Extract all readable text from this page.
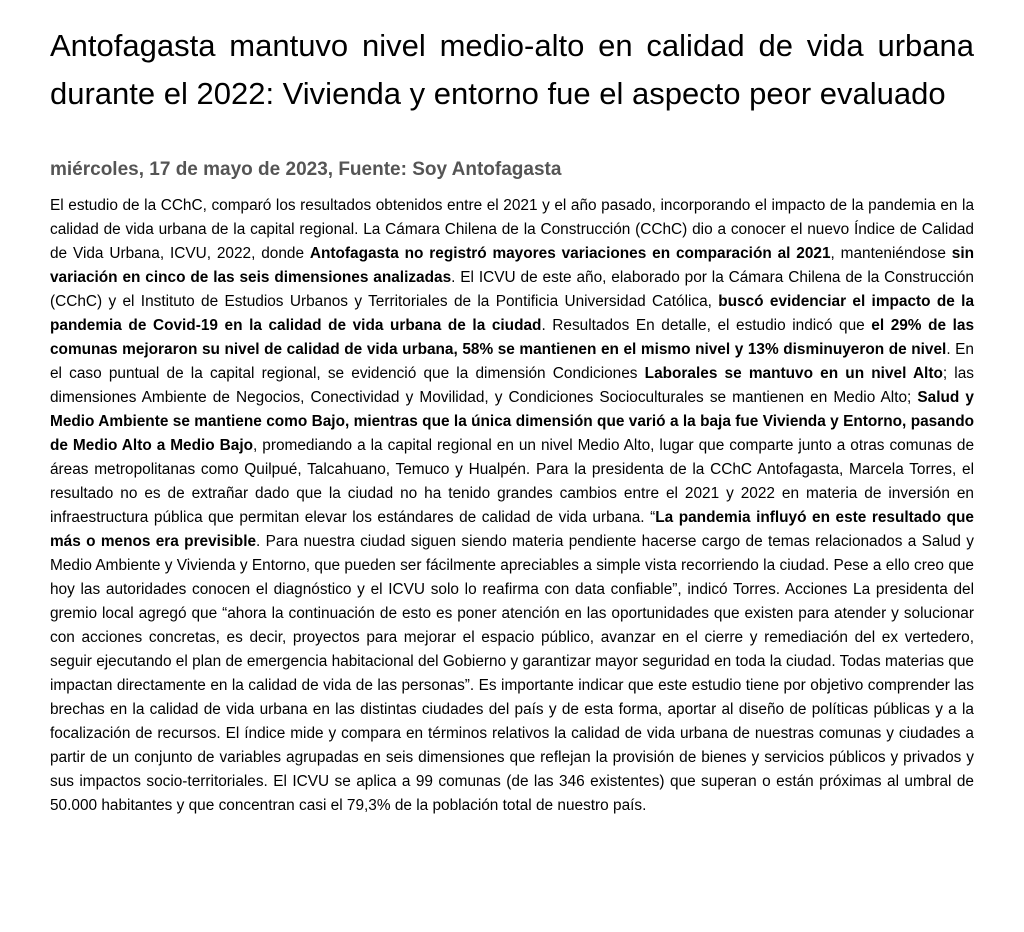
Antofagasta mantuvo nivel medio-alto en calidad de vida urbana durante el 2022: Vivienda y entorno fue el aspecto peor evaluado
miércoles, 17 de mayo de 2023, Fuente: Soy Antofagasta

El estudio de la CChC, comparó los resultados obtenidos entre el 2021 y el año pasado, incorporando el impacto de la pandemia en la calidad de vida urbana de la capital regional. La Cámara Chilena de la Construcción (CChC) dio a conocer el nuevo Índice de Calidad de Vida Urbana, ICVU, 2022, donde Antofagasta no registró mayores variaciones en comparación al 2021, manteniéndose sin variación en cinco de las seis dimensiones analizadas. El ICVU de este año, elaborado por la Cámara Chilena de la Construcción (CChC) y el Instituto de Estudios Urbanos y Territoriales de la Pontificia Universidad Católica, buscó evidenciar el impacto de la pandemia de Covid-19 en la calidad de vida urbana de la ciudad. Resultados En detalle, el estudio indicó que el 29% de las comunas mejoraron su nivel de calidad de vida urbana, 58% se mantienen en el mismo nivel y 13% disminuyeron de nivel. En el caso puntual de la capital regional, se evidenció que la dimensión Condiciones Laborales se mantuvo en un nivel Alto; las dimensiones Ambiente de Negocios, Conectividad y Movilidad, y Condiciones Socioculturales se mantienen en Medio Alto; Salud y Medio Ambiente se mantiene como Bajo, mientras que la única dimensión que varió a la baja fue Vivienda y Entorno, pasando de Medio Alto a Medio Bajo, promediando a la capital regional en un nivel Medio Alto, lugar que comparte junto a otras comunas de áreas metropolitanas como Quilpué, Talcahuano, Temuco y Hualpén. Para la presidenta de la CChC Antofagasta, Marcela Torres, el resultado no es de extrañar dado que la ciudad no ha tenido grandes cambios entre el 2021 y 2022 en materia de inversión en infraestructura pública que permitan elevar los estándares de calidad de vida urbana. “La pandemia influyó en este resultado que más o menos era previsible. Para nuestra ciudad siguen siendo materia pendiente hacerse cargo de temas relacionados a Salud y Medio Ambiente y Vivienda y Entorno, que pueden ser fácilmente apreciables a simple vista recorriendo la ciudad. Pese a ello creo que hoy las autoridades conocen el diagnóstico y el ICVU solo lo reafirma con data confiable”, indicó Torres. Acciones La presidenta del gremio local agregó que “ahora la continuación de esto es poner atención en las oportunidades que existen para atender y solucionar con acciones concretas, es decir, proyectos para mejorar el espacio público, avanzar en el cierre y remediación del ex vertedero, seguir ejecutando el plan de emergencia habitacional del Gobierno y garantizar mayor seguridad en toda la ciudad. Todas materias que impactan directamente en la calidad de vida de las personas”. Es importante indicar que este estudio tiene por objetivo comprender las brechas en la calidad de vida urbana en las distintas ciudades del país y de esta forma, aportar al diseño de políticas públicas y a la focalización de recursos. El índice mide y compara en términos relativos la calidad de vida urbana de nuestras comunas y ciudades a partir de un conjunto de variables agrupadas en seis dimensiones que reflejan la provisión de bienes y servicios públicos y privados y sus impactos socio-territoriales. El ICVU se aplica a 99 comunas (de las 346 existentes) que superan o están próximas al umbral de 50.000 habitantes y que concentran casi el 79,3% de la población total de nuestro país.
